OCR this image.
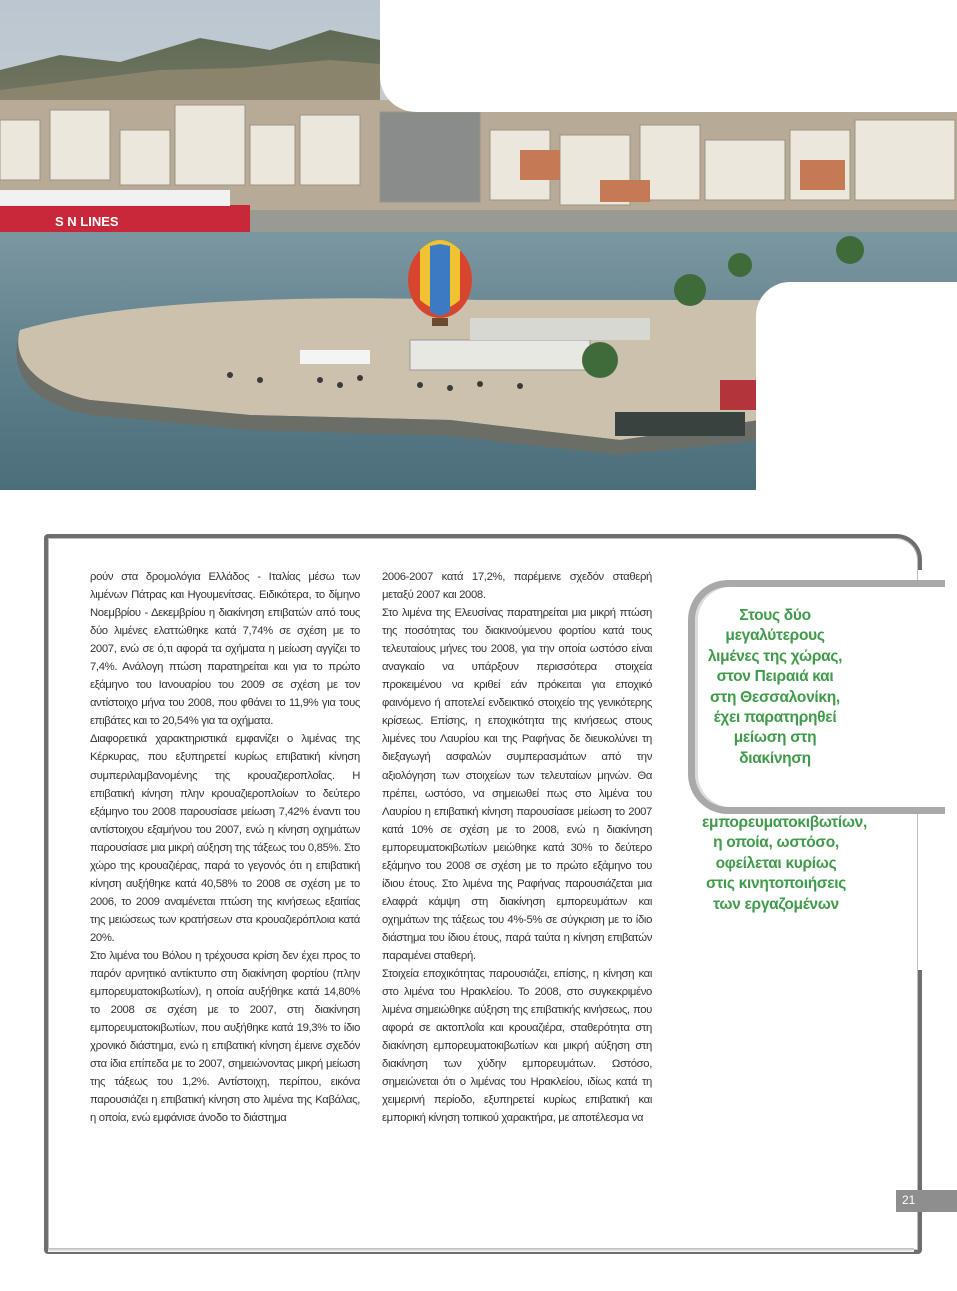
S N LINES

ρούν στα δρομολόγια Ελλάδος - Ιταλίας μέσω των λιμένων Πάτρας και Ηγουμενίτσας. Ειδικότερα, το δίμηνο Νοεμβρίου - Δεκεμβρίου η διακίνηση επιβατών από τους δύο λιμένες ελαττώθηκε κατά 7,74% σε σχέση με το 2007, ενώ σε ό,τι αφορά τα οχήματα η μείωση αγγίζει το 7,4%. Ανάλογη πτώση παρατηρείται και για το πρώτο εξάμηνο του Ιανουαρίου του 2009 σε σχέση με τον αντίστοιχο μήνα του 2008, που φθάνει το 11,9% για τους επιβάτες και το 20,54% για τα οχήματα.

Διαφορετικά χαρακτηριστικά εμφανίζει ο λιμένας της Κέρκυρας, που εξυπηρετεί κυρίως επιβατική κίνηση συμπεριλαμβανομένης της κρουαζιεροπλοΐας. Η επιβατική κίνηση πλην κρουαζιεροπλοίων το δεύτερο εξάμηνο του 2008 παρουσίασε μείωση 7,42% έναντι του αντίστοιχου εξαμήνου του 2007, ενώ η κίνηση οχημάτων παρουσίασε μια μικρή αύξηση της τάξεως του 0,85%. Στο χώρο της κρουαζιέρας, παρά το γεγονός ότι η επιβατική κίνηση αυξήθηκε κατά 40,58% το 2008 σε σχέση με το 2006, το 2009 αναμένεται πτώση της κινήσεως εξαιτίας της μειώσεως των κρατήσεων στα κρουαζιερόπλοια κατά 20%.

Στο λιμένα του Βόλου η τρέχουσα κρίση δεν έχει προς το παρόν αρνητικό αντίκτυπο στη διακίνηση φορτίου (πλην εμπορευματοκιβωτίων), η οποία αυξήθηκε κατά 14,80% το 2008 σε σχέση με το 2007, στη διακίνηση εμπορευματοκιβωτίων, που αυξήθηκε κατά 19,3% το ίδιο χρονικό διάστημα, ενώ η επιβατική κίνηση έμεινε σχεδόν στα ίδια επίπεδα με το 2007, σημειώνοντας μικρή μείωση της τάξεως του 1,2%. Αντίστοιχη, περίπου, εικόνα παρουσιάζει η επιβατική κίνηση στο λιμένα της Καβάλας, η οποία, ενώ εμφάνισε άνοδο το διάστημα

2006-2007 κατά 17,2%, παρέμεινε σχεδόν σταθερή μεταξύ 2007 και 2008.

Στο λιμένα της Ελευσίνας παρατηρείται μια μικρή πτώση της ποσότητας του διακινούμενου φορτίου κατά τους τελευταίους μήνες του 2008, για την οποία ωστόσο είναι αναγκαίο να υπάρξουν περισσότερα στοιχεία προκειμένου να κριθεί εάν πρόκειται για εποχικό φαινόμενο ή αποτελεί ενδεικτικό στοιχείο της γενικότερης κρίσεως. Επίσης, η εποχικότητα της κινήσεως στους λιμένες του Λαυρίου και της Ραφήνας δε διευκολύνει τη διεξαγωγή ασφαλών συμπερασμάτων από την αξιολόγηση των στοιχείων των τελευταίων μηνών. Θα πρέπει, ωστόσο, να σημειωθεί πως στο λιμένα του Λαυρίου η επιβατική κίνηση παρουσίασε μείωση το 2007 κατά 10% σε σχέση με το 2008, ενώ η διακίνηση εμπορευματοκιβωτίων μειώθηκε κατά 30% το δεύτερο εξάμηνο του 2008 σε σχέση με το πρώτο εξάμηνο του ίδιου έτους. Στο λιμένα της Ραφήνας παρουσιάζεται μια ελαφρά κάμψη στη διακίνηση εμπορευμάτων και οχημάτων της τάξεως του 4%-5% σε σύγκριση με το ίδιο διάστημα του ίδιου έτους, παρά ταύτα η κίνηση επιβατών παραμένει σταθερή.

Στοιχεία εποχικότητας παρουσιάζει, επίσης, η κίνηση και στο λιμένα του Ηρακλείου. Το 2008, στο συγκεκριμένο λιμένα σημειώθηκε αύξηση της επιβατικής κινήσεως, που αφορά σε ακτοπλοΐα και κρουαζιέρα, σταθερότητα στη διακίνηση εμπορευματοκιβωτίων και μικρή αύξηση στη διακίνηση των χύδην εμπορευμάτων. Ωστόσο, σημειώνεται ότι ο λιμένας του Ηρακλείου, ιδίως κατά τη χειμερινή περίοδο, εξυπηρετεί κυρίως επιβατική και εμπορική κίνηση τοπικού χαρακτήρα, με αποτέλεσμα να

Στους δύο μεγαλύτερους λιμένες της χώρας, στον Πειραιά και στη Θεσσαλονίκη, έχει παρατηρηθεί μείωση στη διακίνηση
εμπορευματοκιβωτίων, η οποία, ωστόσο, οφείλεται κυρίως στις κινητοποιήσεις των εργαζομένων
21
